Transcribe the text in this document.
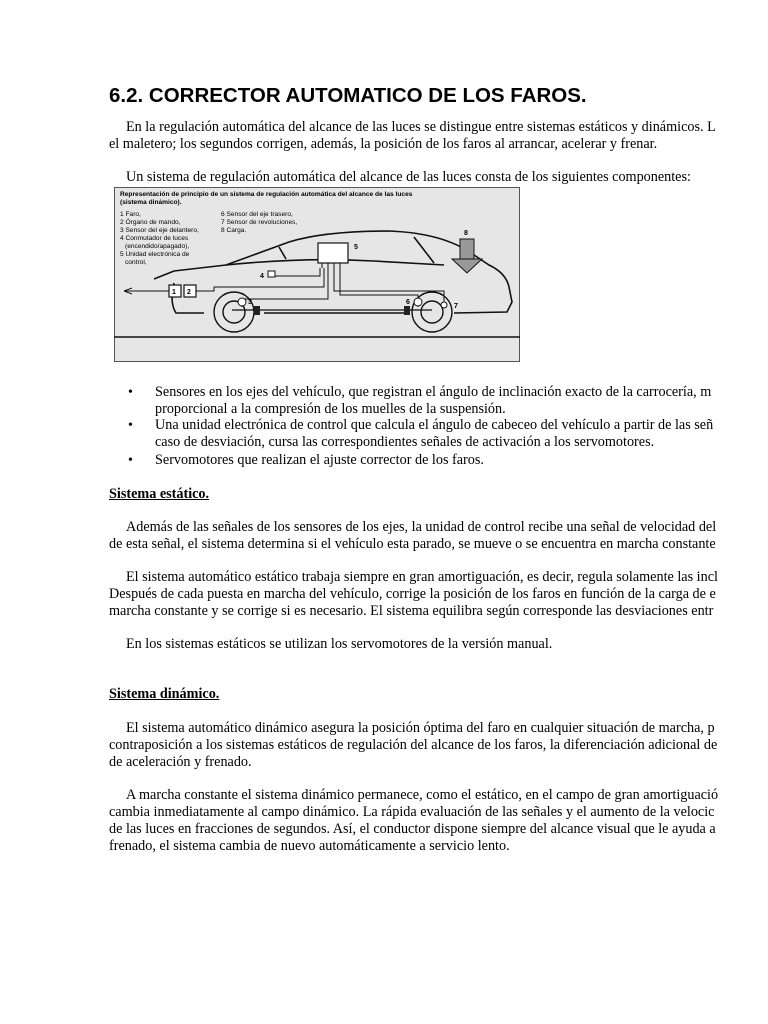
6.2. CORRECTOR AUTOMATICO DE LOS FAROS.
En la regulación automática del alcance de las luces se distingue entre sistemas estáticos y dinámicos. L
el maletero; los segundos corrigen, además, la posición de los faros al arrancar, acelerar y frenar.
Un sistema de regulación automática del alcance de las luces consta de los siguientes componentes:
Representación de principio de un sistema de regulación automática del alcance de las luces
(sistema dinámico).
1 Faro,
2 Órgano de mando,
3 Sensor del eje delantero,
4 Conmutador de luces
(encendido/apagado),
5 Unidad electrónica de
control,
6 Sensor del eje trasero,
7 Sensor de revoluciones,
8 Carga.
1 2
5
4
3	6
7
8
• Sensores en los ejes del vehículo, que registran el ángulo de inclinación exacto de la carrocería, m
proporcional a la compresión de los muelles de la suspensión.
• Una unidad electrónica de control que calcula el ángulo de cabeceo del vehículo a partir de las señ
caso de desviación, cursa las correspondientes señales de activación a los servomotores.
• Servomotores que realizan el ajuste corrector de los faros.
Sistema estático.
Además de las señales de los sensores de los ejes, la unidad de control recibe una señal de velocidad del
de esta señal, el sistema determina si el vehículo esta parado, se mueve o se encuentra en marcha constante
El sistema automático estático trabaja siempre en gran amortiguación, es decir, regula solamente las incl
Después de cada puesta en marcha del vehículo, corrige la posición de los faros en función de la carga de e
marcha constante y se corrige si es necesario. El sistema equilibra según corresponde las desviaciones entr
En los sistemas estáticos se utilizan los servomotores de la versión manual.
Sistema dinámico.
El sistema automático dinámico asegura la posición óptima del faro en cualquier situación de marcha, p
contraposición a los sistemas estáticos de regulación del alcance de los faros, la diferenciación adicional de
de aceleración y frenado.
A marcha constante el sistema dinámico permanece, como el estático, en el campo de gran amortiguació
cambia inmediatamente al campo dinámico. La rápida evaluación de las señales y el aumento de la velocic
de las luces en fracciones de segundos. Así, el conductor dispone siempre del alcance visual que le ayuda a
frenado, el sistema cambia de nuevo automáticamente a servicio lento.
